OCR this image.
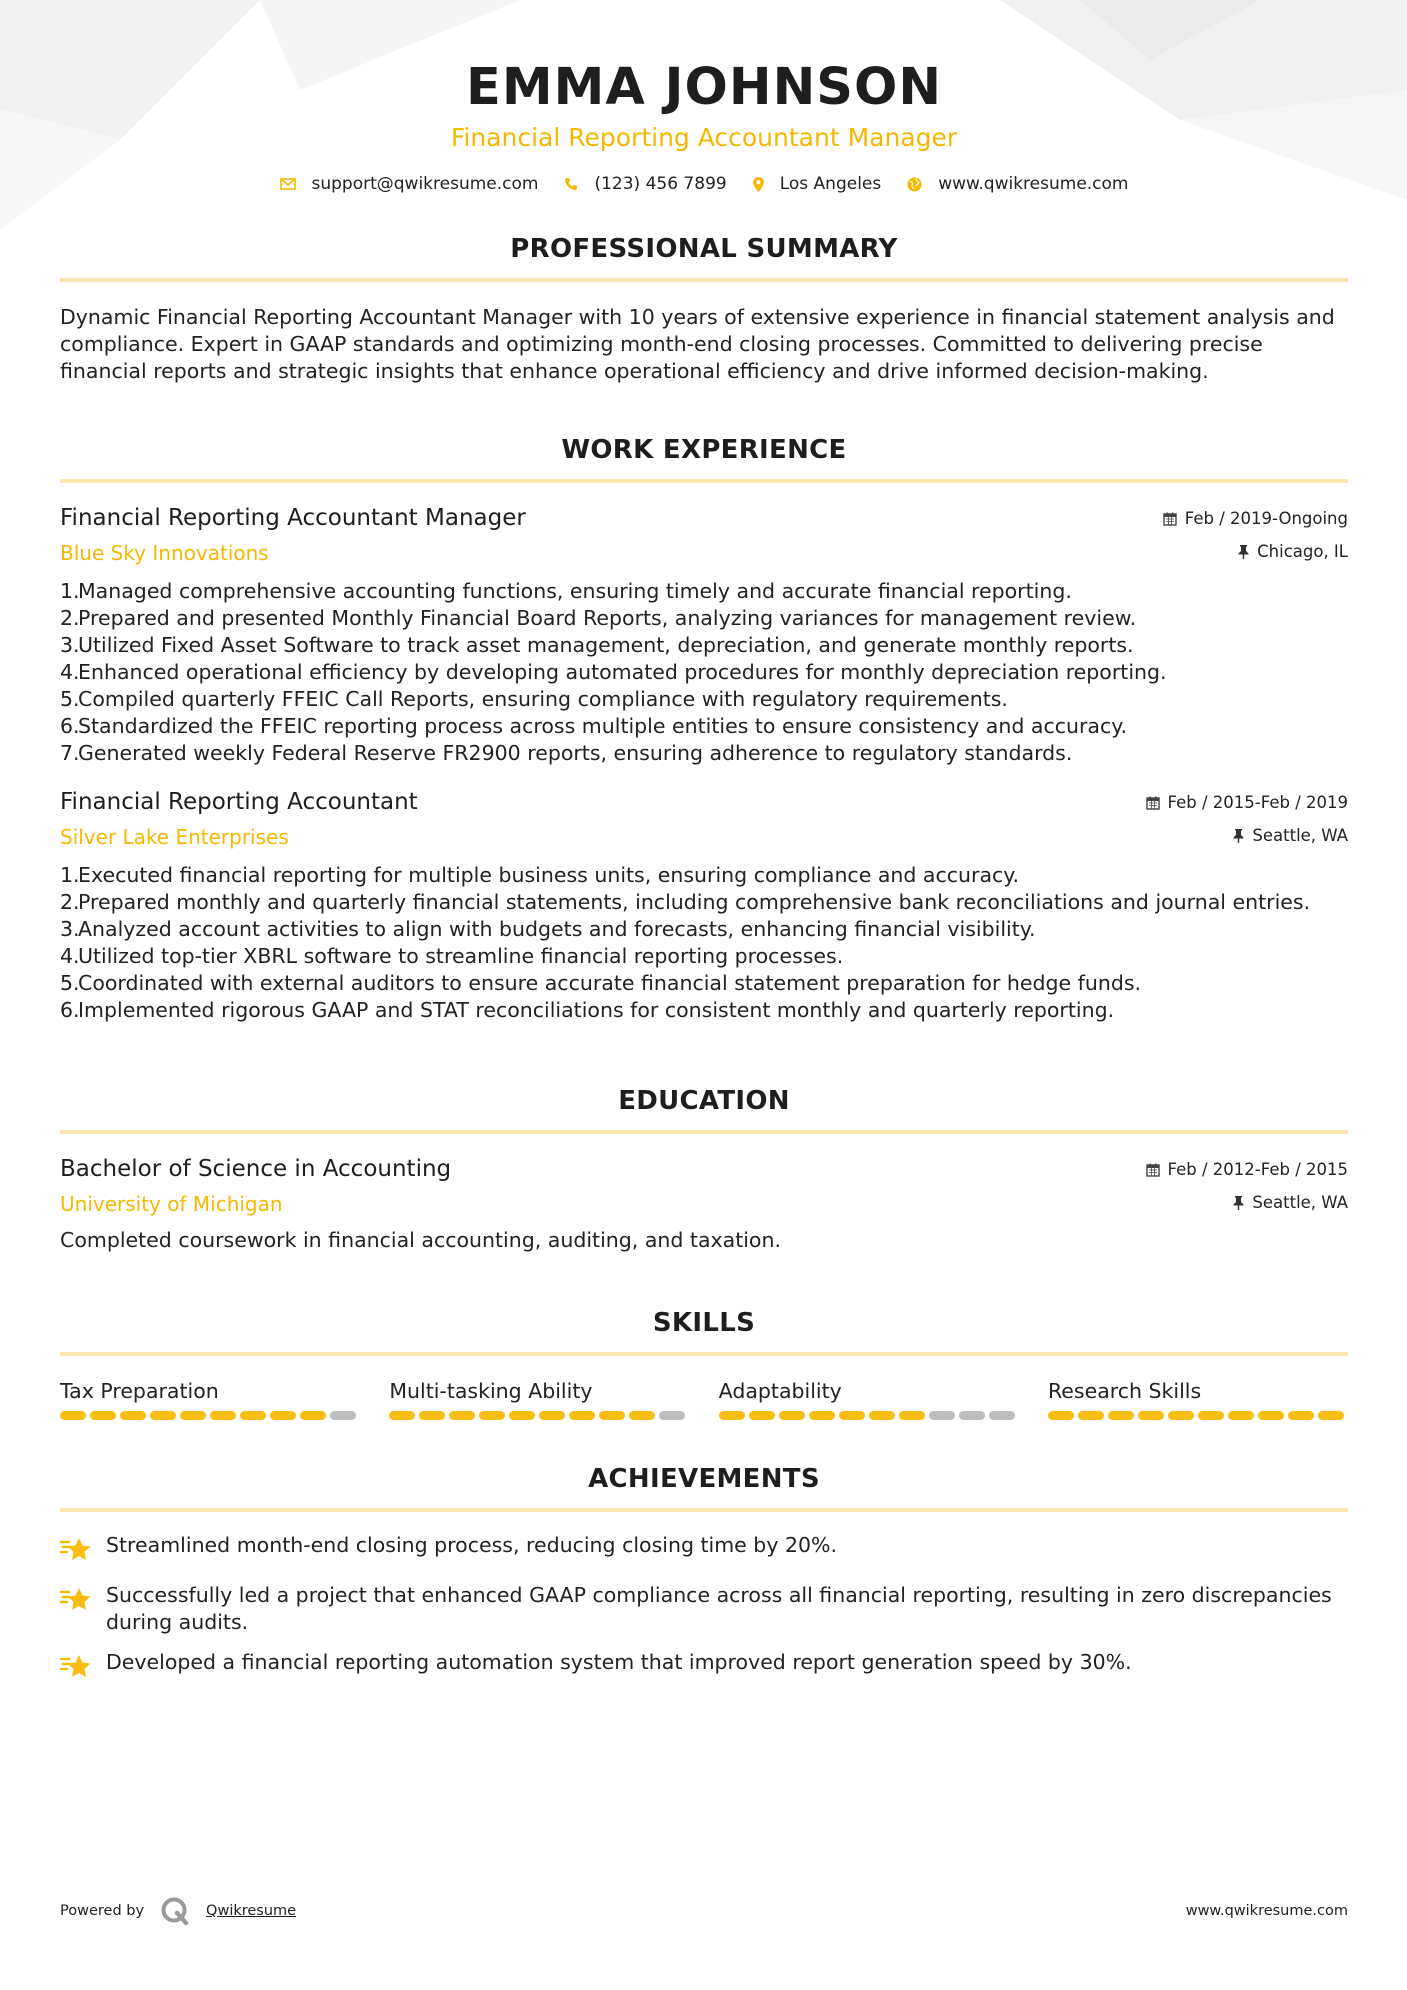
EMMA JOHNSON
Financial Reporting Accountant Manager
support@qwikresume.com	(123) 456 7899	Los Angeles	www.qwikresume.com
PROFESSIONAL SUMMARY
Dynamic Financial Reporting Accountant Manager with 10 years of extensive experience in financial statement analysis and compliance. Expert in GAAP standards and optimizing month-end closing processes. Committed to delivering precise financial reports and strategic insights that enhance operational efficiency and drive informed decision-making.
WORK EXPERIENCE
Financial Reporting Accountant Manager
Blue Sky Innovations
Feb / 2019-Ongoing
Chicago, IL
1.
Managed comprehensive accounting functions, ensuring timely and accurate financial reporting.
2.
Prepared and presented Monthly Financial Board Reports, analyzing variances for management review.
3.
Utilized Fixed Asset Software to track asset management, depreciation, and generate monthly reports.
4.
Enhanced operational efficiency by developing automated procedures for monthly depreciation reporting.
5.
Compiled quarterly FFEIC Call Reports, ensuring compliance with regulatory requirements.
6.
Standardized the FFEIC reporting process across multiple entities to ensure consistency and accuracy.
7.
Generated weekly Federal Reserve FR2900 reports, ensuring adherence to regulatory standards.
Financial Reporting Accountant
Silver Lake Enterprises
Feb / 2015-Feb / 2019
Seattle, WA
1.
Executed financial reporting for multiple business units, ensuring compliance and accuracy.
2.
Prepared monthly and quarterly financial statements, including comprehensive bank reconciliations and journal entries.
3.
Analyzed account activities to align with budgets and forecasts, enhancing financial visibility.
4.
Utilized top-tier XBRL software to streamline financial reporting processes.
5.
Coordinated with external auditors to ensure accurate financial statement preparation for hedge funds.
6.
Implemented rigorous GAAP and STAT reconciliations for consistent monthly and quarterly reporting.
EDUCATION
Bachelor of Science in Accounting
University of Michigan
Feb / 2012-Feb / 2015
Seattle, WA
Completed coursework in financial accounting, auditing, and taxation.
SKILLS
Tax Preparation	Multi-tasking Ability	Adaptability	Research Skills
ACHIEVEMENTS
Streamlined month-end closing process, reducing closing time by 20%.
Successfully led a project that enhanced GAAP compliance across all financial reporting, resulting in zero discrepancies during audits.
Developed a financial reporting automation system that improved report generation speed by 30%.
Powered by	Qwikresume	www.qwikresume.com
